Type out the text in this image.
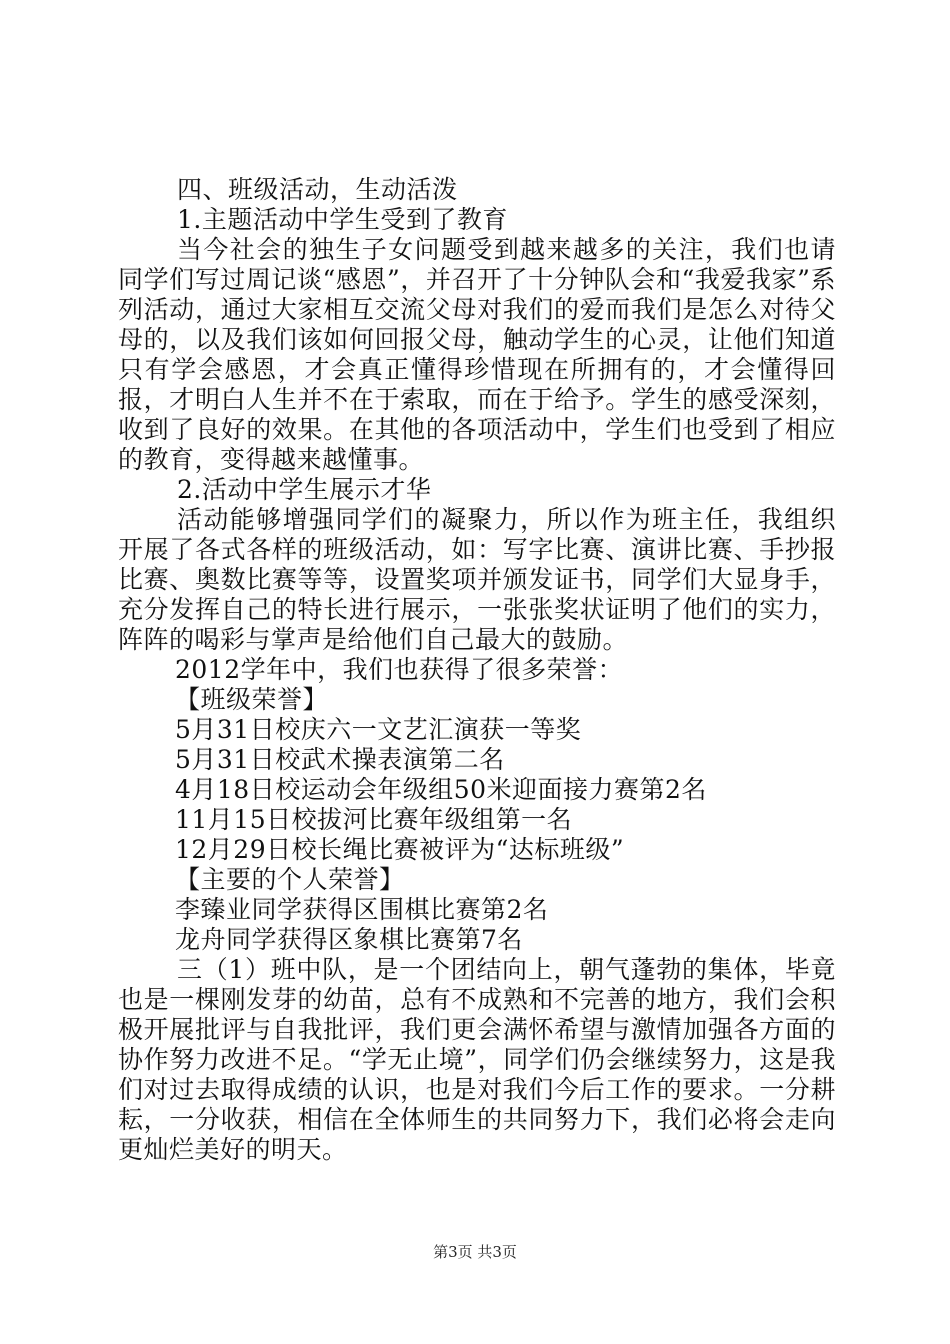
四、班级活动，生动活泼
1.主题活动中学生受到了教育
当今社会的独生子女问题受到越来越多的关注，我们也请同学们写过周记谈“感恩”，并召开了十分钟队会和“我爱我家”系列活动，通过大家相互交流父母对我们的爱而我们是怎么对待父母的，以及我们该如何回报父母，触动学生的心灵，让他们知道只有学会感恩，才会真正懂得珍惜现在所拥有的，才会懂得回报，才明白人生并不在于索取，而在于给予。学生的感受深刻，收到了良好的效果。在其他的各项活动中，学生们也受到了相应的教育，变得越来越懂事。
2.活动中学生展示才华
活动能够增强同学们的凝聚力，所以作为班主任，我组织开展了各式各样的班级活动，如：写字比赛、演讲比赛、手抄报比赛、奥数比赛等等，设置奖项并颁发证书，同学们大显身手，充分发挥自己的特长进行展示，一张张奖状证明了他们的实力，阵阵的喝彩与掌声是给他们自己最大的鼓励。
2012学年中，我们也获得了很多荣誉：
【班级荣誉】
5月31日校庆六一文艺汇演获一等奖
5月31日校武术操表演第二名
4月18日校运动会年级组50米迎面接力赛第2名
11月15日校拔河比赛年级组第一名
12月29日校长绳比赛被评为“达标班级”
【主要的个人荣誉】
李臻业同学获得区围棋比赛第2名
龙舟同学获得区象棋比赛第7名
三（1）班中队，是一个团结向上，朝气蓬勃的集体，毕竟也是一棵刚发芽的幼苗，总有不成熟和不完善的地方，我们会积极开展批评与自我批评，我们更会满怀希望与激情加强各方面的协作努力改进不足。“学无止境”，同学们仍会继续努力，这是我们对过去取得成绩的认识，也是对我们今后工作的要求。一分耕耘，一分收获，相信在全体师生的共同努力下，我们必将会走向更灿烂美好的明天。
第3页 共3页
